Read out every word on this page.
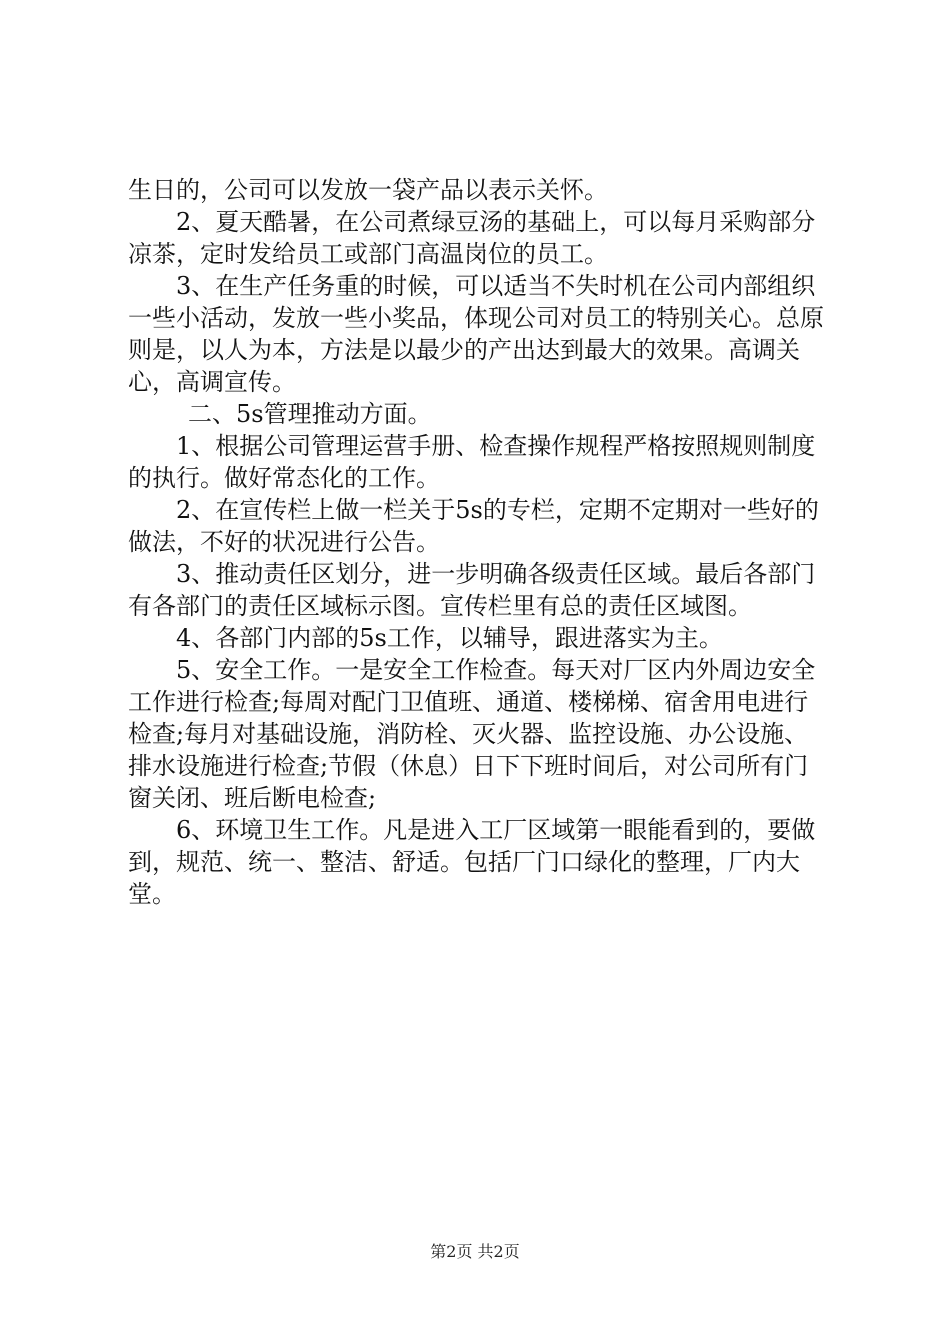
生日的，公司可以发放一袋产品以表示关怀。

2、夏天酷暑，在公司煮绿豆汤的基础上，可以每月采购部分凉茶，定时发给员工或部门高温岗位的员工。

3、在生产任务重的时候，可以适当不失时机在公司内部组织一些小活动，发放一些小奖品，体现公司对员工的特别关心。总原则是，以人为本，方法是以最少的产出达到最大的效果。高调关心，高调宣传。

二、5s管理推动方面。

1、根据公司管理运营手册、检查操作规程严格按照规则制度的执行。做好常态化的工作。

2、在宣传栏上做一栏关于5s的专栏，定期不定期对一些好的做法，不好的状况进行公告。

3、推动责任区划分，进一步明确各级责任区域。最后各部门有各部门的责任区域标示图。宣传栏里有总的责任区域图。

4、各部门内部的5s工作，以辅导，跟进落实为主。

5、安全工作。一是安全工作检查。每天对厂区内外周边安全工作进行检查;每周对配门卫值班、通道、楼梯梯、宿舍用电进行检查;每月对基础设施，消防栓、灭火器、监控设施、办公设施、排水设施进行检查;节假（休息）日下下班时间后，对公司所有门窗关闭、班后断电检查;

6、环境卫生工作。凡是进入工厂区域第一眼能看到的，要做到，规范、统一、整洁、舒适。包括厂门口绿化的整理，厂内大堂。

第2页 共2页
